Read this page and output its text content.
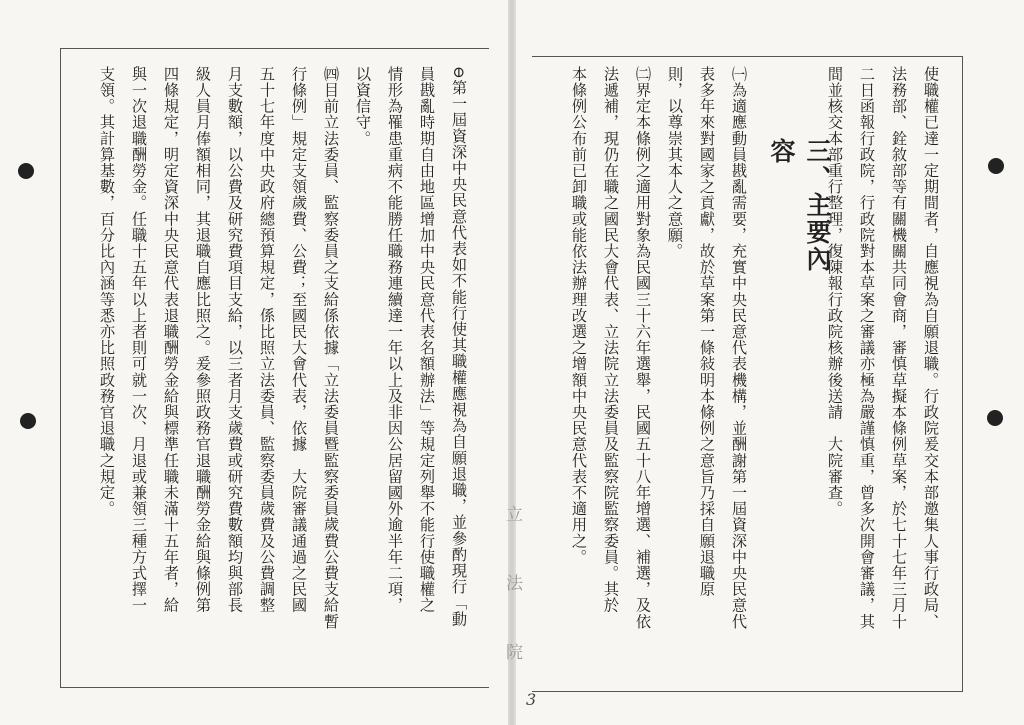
⊖第一屆資深中央民意代表如不能行使其職權應視為自願退職，並參酌現行「動
員戡亂時期自由地區增加中央民意代表名額辦法」等規定列舉不能行使職權之
情形為罹患重病不能勝任職務連續達一年以上及非因公居留國外逾半年二項，
以資信守。
㈣目前立法委員、監察委員之支給係依據「立法委員暨監察委員歲費公費支給暫
行條例」規定支領歲費、公費；至國民大會代表，依據　大院審議通過之民國
五十七年度中央政府總預算規定，係比照立法委員、監察委員歲費及公費調整
月支數額，以公費及研究費項目支給，以三者月支歲費或研究費數額均與部長
級人員月俸額相同，其退職自應比照之。爰參照政務官退職酬勞金給與條例第
四條規定，明定資深中央民意代表退職酬勞金給與標準任職未滿十五年者，給
與一次退職酬勞金。任職十五年以上者則可就一次、月退或兼領三種方式擇一
支領。其計算基數，百分比內涵等悉亦比照政務官退職之規定。	使職權已達一定期間者，自應視為自願退職。行政院爰交本部邀集人事行政局、
法務部、銓敘部等有關機關共同會商，審慎草擬本條例草案，於七十七年三月十
二日函報行政院，行政院對本草案之審議亦極為嚴謹慎重，曾多次開會審議，其
間並核交本部重行整理，復陳報行政院核辦後送請　大院審查。
三、主要內容
㈠為適應動員戡亂需要，充實中央民意代表機構，並酬謝第一屆資深中央民意代
表多年來對國家之貢獻，故於草案第一條敍明本條例之意旨乃採自願退職原
則，以尊崇其本人之意願。
㈡界定本條例之適用對象為民國三十六年選舉，民國五十八年增選、補選，及依
法遞補，現仍在職之國民大會代表、立法院立法委員及監察院監察委員。其於
本條例公布前已卸職或能依法辦理改選之增額中央民意代表不適用之。
立法院 3
